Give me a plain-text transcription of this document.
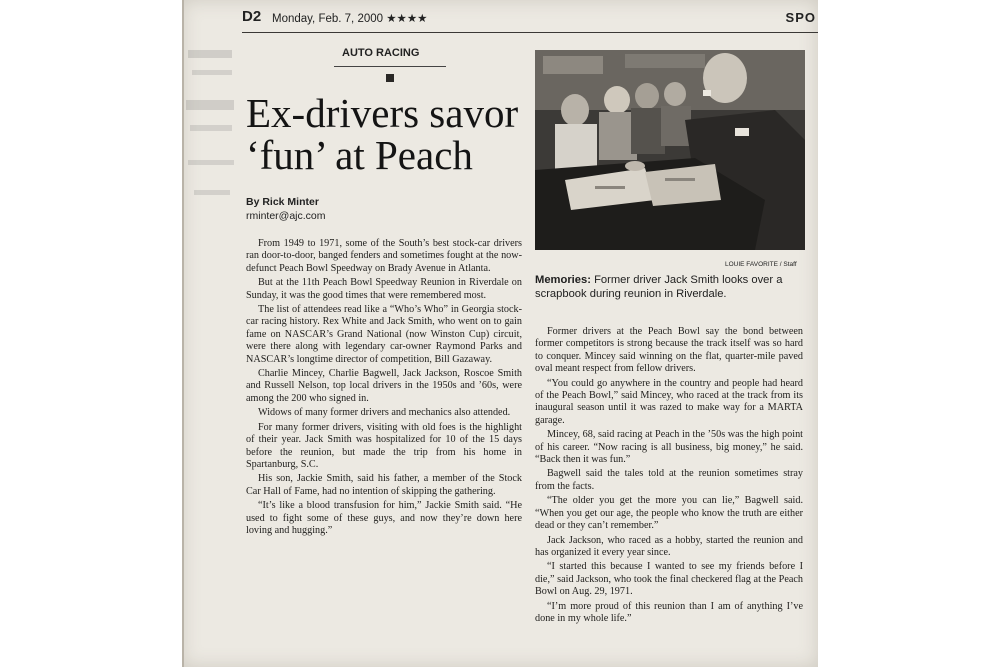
D2 Monday, Feb. 7, 2000 ★★★★	SPO
AUTO RACING
Ex-drivers savor
‘fun’ at Peach
By Rick Minter
rminter@ajc.com

From 1949 to 1971, some of the South’s best stock-car drivers ran door-to-door, banged fenders and sometimes fought at the now-defunct Peach Bowl Speedway on Brady Avenue in Atlanta.

But at the 11th Peach Bowl Speedway Reunion in Riverdale on Sunday, it was the good times that were remembered most.

The list of attendees read like a “Who’s Who” in Georgia stock-car racing history. Rex White and Jack Smith, who went on to gain fame on NASCAR’s Grand National (now Winston Cup) circuit, were there along with legendary car-owner Raymond Parks and NASCAR’s longtime director of competition, Bill Gazaway.

Charlie Mincey, Charlie Bagwell, Jack Jackson, Roscoe Smith and Russell Nelson, top local drivers in the 1950s and ’60s, were among the 200 who signed in.

Widows of many former drivers and mechanics also attended.

For many former drivers, visiting with old foes is the highlight of their year. Jack Smith was hospitalized for 10 of the 15 days before the reunion, but made the trip from his home in Spartanburg, S.C.

His son, Jackie Smith, said his father, a member of the Stock Car Hall of Fame, had no intention of skipping the gathering.

“It’s like a blood transfusion for him,” Jackie Smith said. “He used to fight some of these guys, and now they’re down here loving and hugging.”

LOUIE FAVORITE / Staff
Memories: Former driver Jack Smith looks over a scrapbook during reunion in Riverdale.

Former drivers at the Peach Bowl say the bond between former competitors is strong because the track itself was so hard to conquer. Mincey said winning on the flat, quarter-mile paved oval meant respect from fellow drivers.

“You could go anywhere in the country and people had heard of the Peach Bowl,” said Mincey, who raced at the track from its inaugural season until it was razed to make way for a MARTA garage.

Mincey, 68, said racing at Peach in the ’50s was the high point of his career. “Now racing is all business, big money,” he said. “Back then it was fun.”

Bagwell said the tales told at the reunion sometimes stray from the facts.

“The older you get the more you can lie,” Bagwell said. “When you get our age, the people who know the truth are either dead or they can’t remember.”

Jack Jackson, who raced as a hobby, started the reunion and has organized it every year since.

“I started this because I wanted to see my friends before I die,” said Jackson, who took the final checkered flag at the Peach Bowl on Aug. 29, 1971.

“I’m more proud of this reunion than I am of anything I’ve done in my whole life.”
